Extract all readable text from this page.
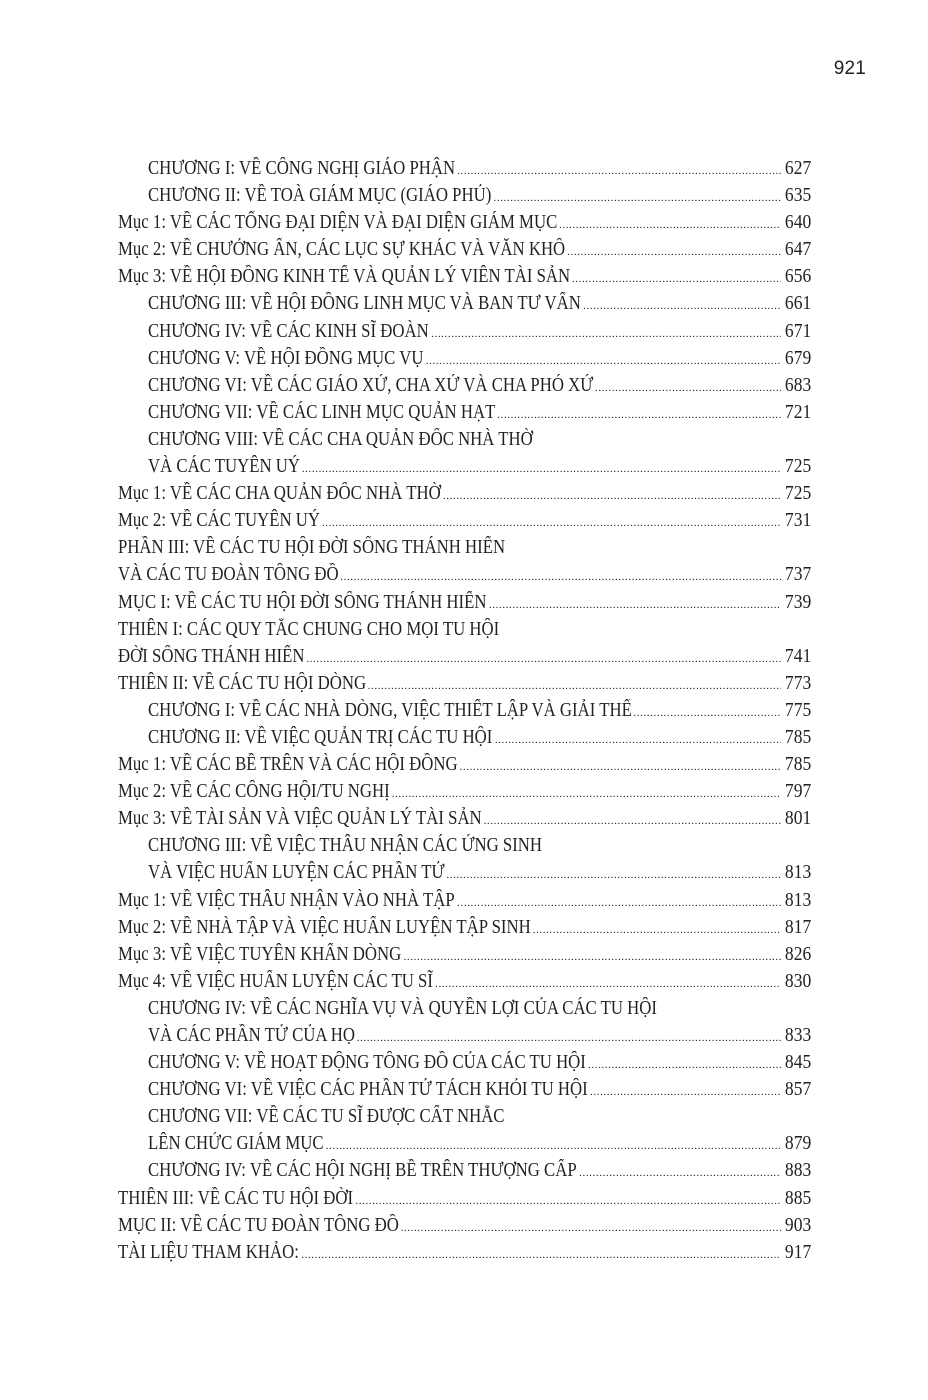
921
CHƯƠNG I: VỀ CÔNG NGHỊ GIÁO PHẬN .....	627
CHƯƠNG II: VỀ TOÀ GIÁM MỤC (GIÁO PHỦ) .....	635
Mục 1: VỀ CÁC TỔNG ĐẠI DIỆN VÀ ĐẠI DIỆN GIÁM MỤC .....	640
Mục 2: VỀ CHƯỞNG ẤN, CÁC LỤC SỰ KHÁC VÀ VĂN KHỐ .....	647
Mục 3: VỀ HỘI ĐỒNG KINH TẾ VÀ QUẢN LÝ VIÊN TÀI SẢN .....	656
CHƯƠNG III: VỀ HỘI ĐỒNG LINH MỤC VÀ BAN TƯ VẤN .....	661
CHƯƠNG IV: VỀ CÁC KINH SĨ ĐOÀN .....	671
CHƯƠNG V: VỀ HỘI ĐỒNG MỤC VỤ .....	679
CHƯƠNG VI: VỀ CÁC GIÁO XỨ, CHA XỨ VÀ CHA PHÓ XỨ .....	683
CHƯƠNG VII: VỀ CÁC LINH MỤC QUẢN HẠT .....	721
CHƯƠNG VIII: VỀ CÁC CHA QUẢN ĐỐC NHÀ THỜ
VÀ CÁC TUYÊN UÝ .....	725
Mục 1: VỀ CÁC CHA QUẢN ĐỐC NHÀ THỜ .....	725
Mục 2: VỀ CÁC TUYÊN UÝ .....	731
PHẦN III: VỀ CÁC TU HỘI ĐỜI SỐNG THÁNH HIẾN
VÀ CÁC TU ĐOÀN TÔNG ĐỒ .....	737
MỤC I: VỀ CÁC TU HỘI ĐỜI SỐNG THÁNH HIẾN .....	739
THIÊN I: CÁC QUY TẮC CHUNG CHO MỌI TU HỘI
ĐỜI SỐNG THÁNH HIẾN .....	741
THIÊN II: VỀ CÁC TU HỘI DÒNG .....	773
CHƯƠNG I: VỀ CÁC NHÀ DÒNG, VIỆC THIẾT LẬP VÀ GIẢI THỂ .....	775
CHƯƠNG II: VỀ VIỆC QUẢN TRỊ CÁC TU HỘI .....	785
Mục 1: VỀ CÁC BỀ TRÊN VÀ CÁC HỘI ĐỒNG .....	785
Mục 2: VỀ CÁC CÔNG HỘI/TU NGHỊ .....	797
Mục 3: VỀ TÀI SẢN VÀ VIỆC QUẢN LÝ TÀI SẢN .....	801
CHƯƠNG III: VỀ VIỆC THÂU NHẬN CÁC ỨNG SINH
VÀ VIỆC HUẤN LUYỆN CÁC PHẦN TỬ .....	813
Mục 1: VỀ VIỆC THÂU NHẬN VÀO NHÀ TẬP .....	813
Mục 2: VỀ NHÀ TẬP VÀ VIỆC HUẤN LUYỆN TẬP SINH .....	817
Mục 3: VỀ VIỆC TUYÊN KHẤN DÒNG .....	826
Mục 4: VỀ VIỆC HUẤN LUYỆN CÁC TU SĨ .....	830
CHƯƠNG IV: VỀ CÁC NGHĨA VỤ VÀ QUYỀN LỢI CỦA CÁC TU HỘI
VÀ CÁC PHẦN TỬ CỦA HỌ .....	833
CHƯƠNG V: VỀ HOẠT ĐỘNG TÔNG ĐỒ CỦA CÁC TU HỘI .....	845
CHƯƠNG VI: VỀ VIỆC CÁC PHẦN TỬ TÁCH KHỎI TU HỘI .....	857
CHƯƠNG VII: VỀ CÁC TU SĨ ĐƯỢC CẤT NHẮC
LÊN CHỨC GIÁM MỤC .....	879
CHƯƠNG IV: VỀ CÁC HỘI NGHỊ BỀ TRÊN THƯỢNG CẤP .....	883
THIÊN III: VỀ CÁC TU HỘI ĐỜI .....	885
MỤC II: VỀ CÁC TU ĐOÀN TÔNG ĐỒ .....	903
TÀI LIỆU THAM KHẢO: .....	917
